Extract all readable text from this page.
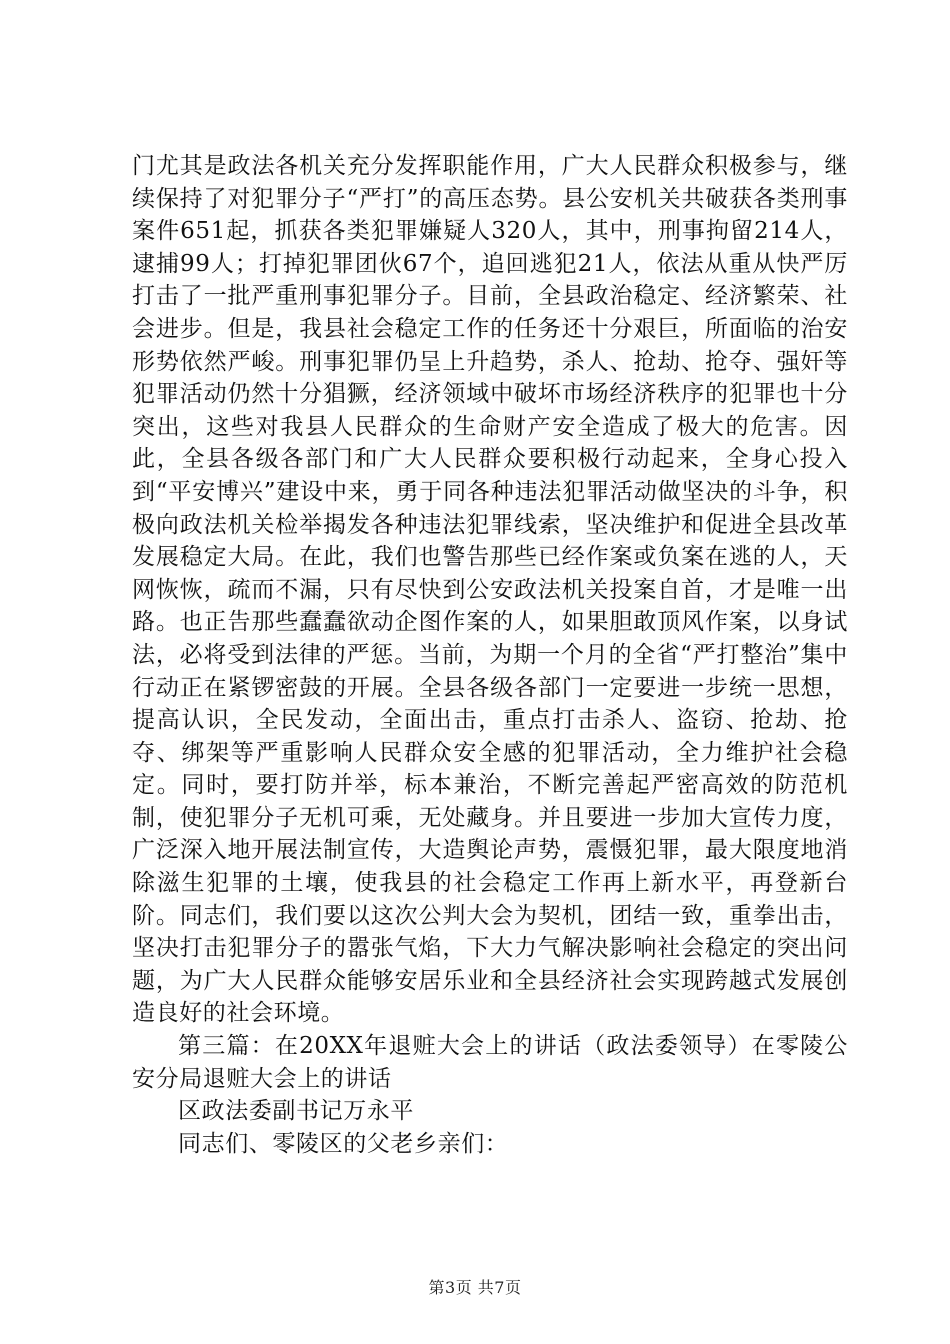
门尤其是政法各机关充分发挥职能作用，广大人民群众积极参与，继续保持了对犯罪分子“严打”的高压态势。县公安机关共破获各类刑事案件651起，抓获各类犯罪嫌疑人320人，其中，刑事拘留214人，逮捕99人；打掉犯罪团伙67个，追回逃犯21人，依法从重从快严厉打击了一批严重刑事犯罪分子。目前，全县政治稳定、经济繁荣、社会进步。但是，我县社会稳定工作的任务还十分艰巨，所面临的治安形势依然严峻。刑事犯罪仍呈上升趋势，杀人、抢劫、抢夺、强奸等犯罪活动仍然十分猖獗，经济领域中破坏市场经济秩序的犯罪也十分突出，这些对我县人民群众的生命财产安全造成了极大的危害。因此，全县各级各部门和广大人民群众要积极行动起来，全身心投入到“平安博兴”建设中来，勇于同各种违法犯罪活动做坚决的斗争，积极向政法机关检举揭发各种违法犯罪线索，坚决维护和促进全县改革发展稳定大局。在此，我们也警告那些已经作案或负案在逃的人，天网恢恢，疏而不漏，只有尽快到公安政法机关投案自首，才是唯一出路。也正告那些蠢蠢欲动企图作案的人，如果胆敢顶风作案，以身试法，必将受到法律的严惩。当前，为期一个月的全省“严打整治”集中行动正在紧锣密鼓的开展。全县各级各部门一定要进一步统一思想，提高认识，全民发动，全面出击，重点打击杀人、盗窃、抢劫、抢夺、绑架等严重影响人民群众安全感的犯罪活动，全力维护社会稳定。同时，要打防并举，标本兼治，不断完善起严密高效的防范机制，使犯罪分子无机可乘，无处藏身。并且要进一步加大宣传力度，广泛深入地开展法制宣传，大造舆论声势，震慑犯罪，最大限度地消除滋生犯罪的土壤，使我县的社会稳定工作再上新水平，再登新台阶。同志们，我们要以这次公判大会为契机，团结一致，重拳出击，坚决打击犯罪分子的嚣张气焰，下大力气解决影响社会稳定的突出问题，为广大人民群众能够安居乐业和全县经济社会实现跨越式发展创造良好的社会环境。

第三篇：在20XX年退赃大会上的讲话（政法委领导）在零陵公安分局退赃大会上的讲话

区政法委副书记万永平

同志们、零陵区的父老乡亲们：

第3页 共7页
